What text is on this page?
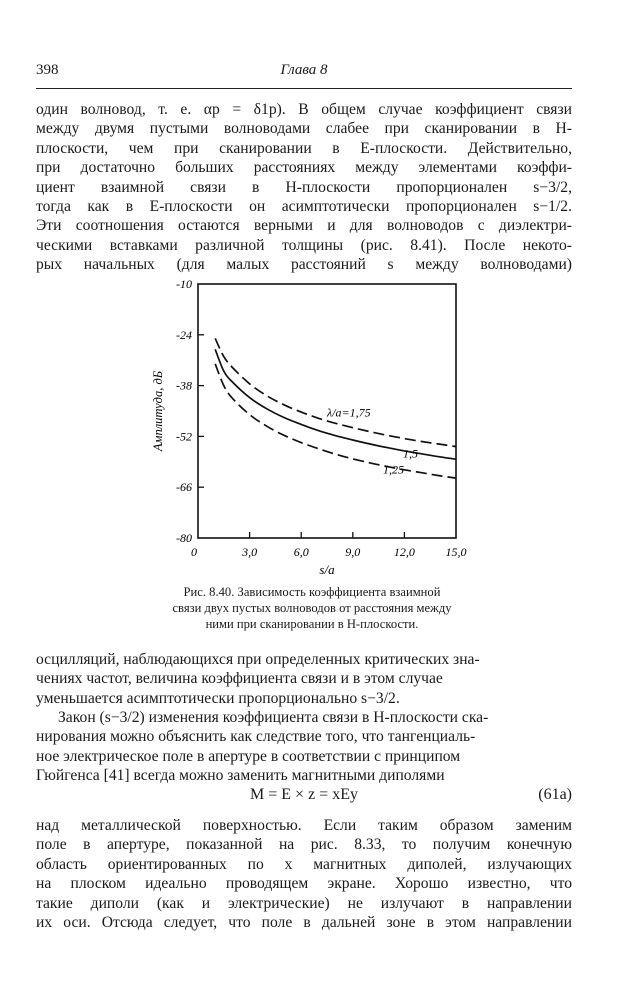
398	Глава 8
один волновод, т. е. αp = δ1p). В общем случае коэффициент связи
между двумя пустыми волноводами слабее при сканировании в H-
плоскости, чем при сканировании в E-плоскости. Действительно,
при достаточно больших расстояниях между элементами коэффи-
циент взаимной связи в H-плоскости пропорционален s−3/2,
тогда как в E-плоскости он асимптотически пропорционален s−1/2.
Эти соотношения остаются верными и для волноводов с диэлектри-
ческими вставками различной толщины (рис. 8.41). После некото-
рых начальных (для малых расстояний s между волноводами)
-10
-24
-38
-52
-66
-80
0	3,0	6,0	9,0	12,0	15,0
λ/a=1,75
1,5
1,25
Амплитуда, дБ
s/a
Рис. 8.40. Зависимость коэффициента взаимной
связи двух пустых волноводов от расстояния между
ними при сканировании в H-плоскости.
осцилляций, наблюдающихся при определенных критических зна-
чениях частот, величина коэффициента связи и в этом случае
уменьшается асимптотически пропорционально s−3/2.
Закон (s−3/2) изменения коэффициента связи в H-плоскости ска-
нирования можно объяснить как следствие того, что тангенциаль-
ное электрическое поле в апертуре в соответствии с принципом
Гюйгенса [41] всегда можно заменить магнитными диполями
M = E × z = xEy	(61a)
над металлической поверхностью. Если таким образом заменим
поле в апертуре, показанной на рис. 8.33, то получим конечную
область ориентированных по x магнитных диполей, излучающих
на плоском идеально проводящем экране. Хорошо известно, что
такие диполи (как и электрические) не излучают в направлении
их оси. Отсюда следует, что поле в дальней зоне в этом направлении
